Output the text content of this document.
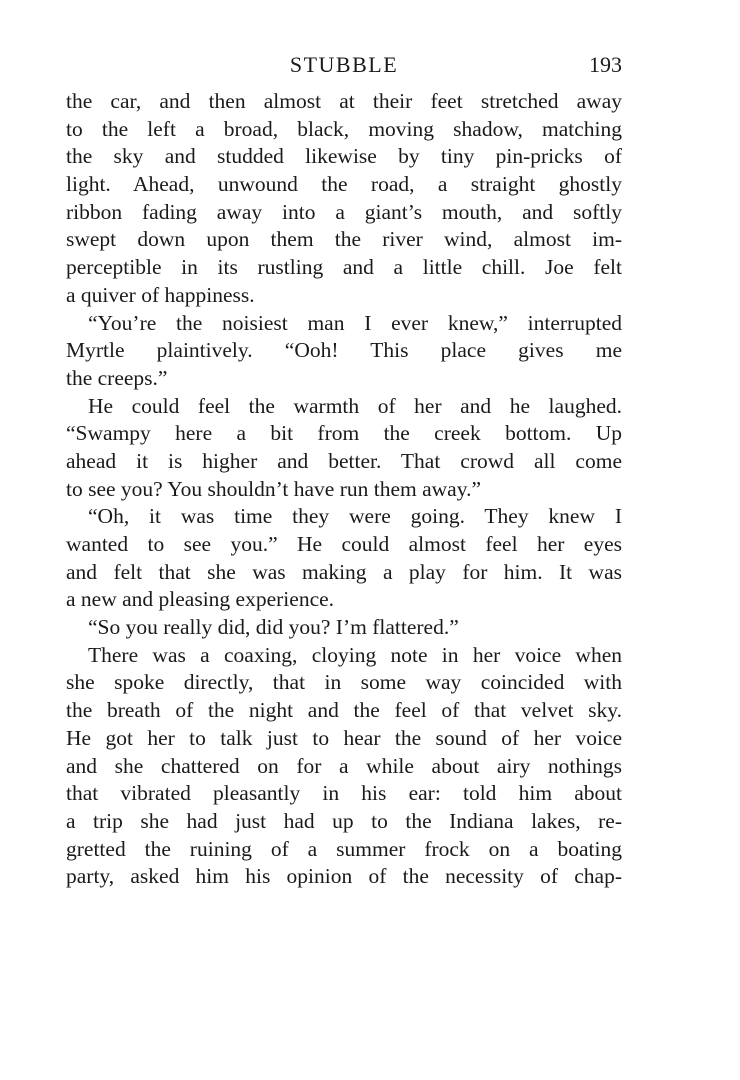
STUBBLE	193
the car, and then almost at their feet stretched away
to the left a broad, black, moving shadow, matching
the sky and studded likewise by tiny pin-pricks of
light. Ahead, unwound the road, a straight ghostly
ribbon fading away into a giant’s mouth, and softly
swept down upon them the river wind, almost im-
perceptible in its rustling and a little chill. Joe felt
a quiver of happiness.
“You’re the noisiest man I ever knew,” interrupted
Myrtle plaintively. “Ooh! This place gives me
the creeps.”
He could feel the warmth of her and he laughed.
“Swampy here a bit from the creek bottom. Up
ahead it is higher and better. That crowd all come
to see you? You shouldn’t have run them away.”
“Oh, it was time they were going. They knew I
wanted to see you.” He could almost feel her eyes
and felt that she was making a play for him. It was
a new and pleasing experience.
“So you really did, did you? I’m flattered.”
There was a coaxing, cloying note in her voice when
she spoke directly, that in some way coincided with
the breath of the night and the feel of that velvet sky.
He got her to talk just to hear the sound of her voice
and she chattered on for a while about airy nothings
that vibrated pleasantly in his ear: told him about
a trip she had just had up to the Indiana lakes, re-
gretted the ruining of a summer frock on a boating
party, asked him his opinion of the necessity of chap-
